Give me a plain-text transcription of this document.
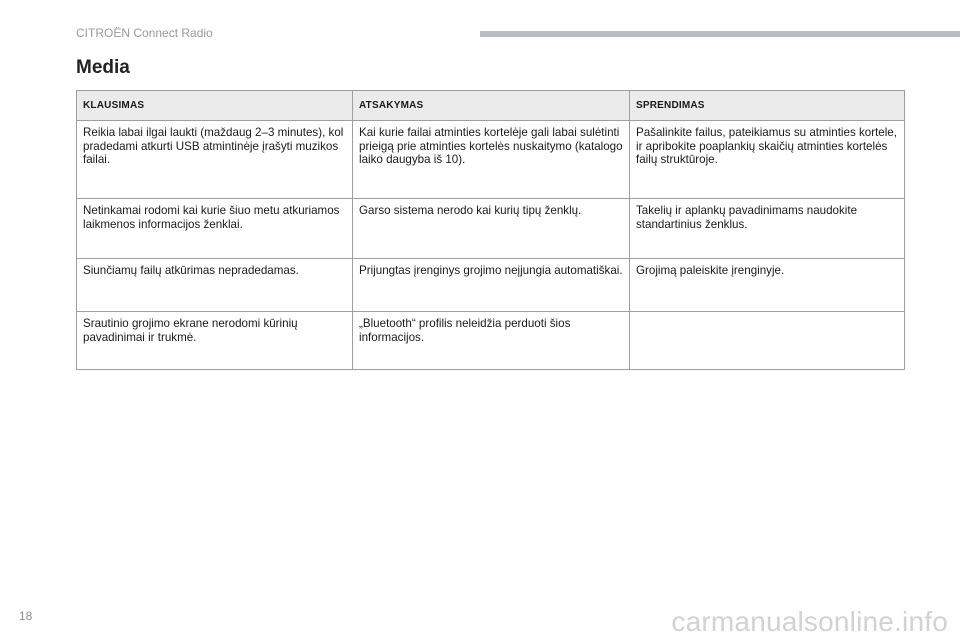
CITROËN Connect Radio
Media
KLAUSIMAS	ATSAKYMAS	SPRENDIMAS
Reikia labai ilgai laukti (maždaug 2–3 minutes), kol pradedami atkurti USB atmintinėje įrašyti muzikos failai.	Kai kurie failai atminties kortelėje gali labai sulėtinti prieigą prie atminties kortelės nuskaitymo (katalogo laiko daugyba iš 10).	Pašalinkite failus, pateikiamus su atminties kortele, ir apribokite poaplankių skaičių atminties kortelės failų struktūroje.
Netinkamai rodomi kai kurie šiuo metu atkuriamos laikmenos informacijos ženklai.	Garso sistema nerodo kai kurių tipų ženklų.	Takelių ir aplankų pavadinimams naudokite standartinius ženklus.
Siunčiamų failų atkūrimas nepradedamas.	Prijungtas įrenginys grojimo neįjungia automatiškai.	Grojimą paleiskite įrenginyje.
Srautinio grojimo ekrane nerodomi kūrinių pavadinimai ir trukmė.	„Bluetooth“ profilis neleidžia perduoti šios informacijos.	
18	carmanualsonline.info
